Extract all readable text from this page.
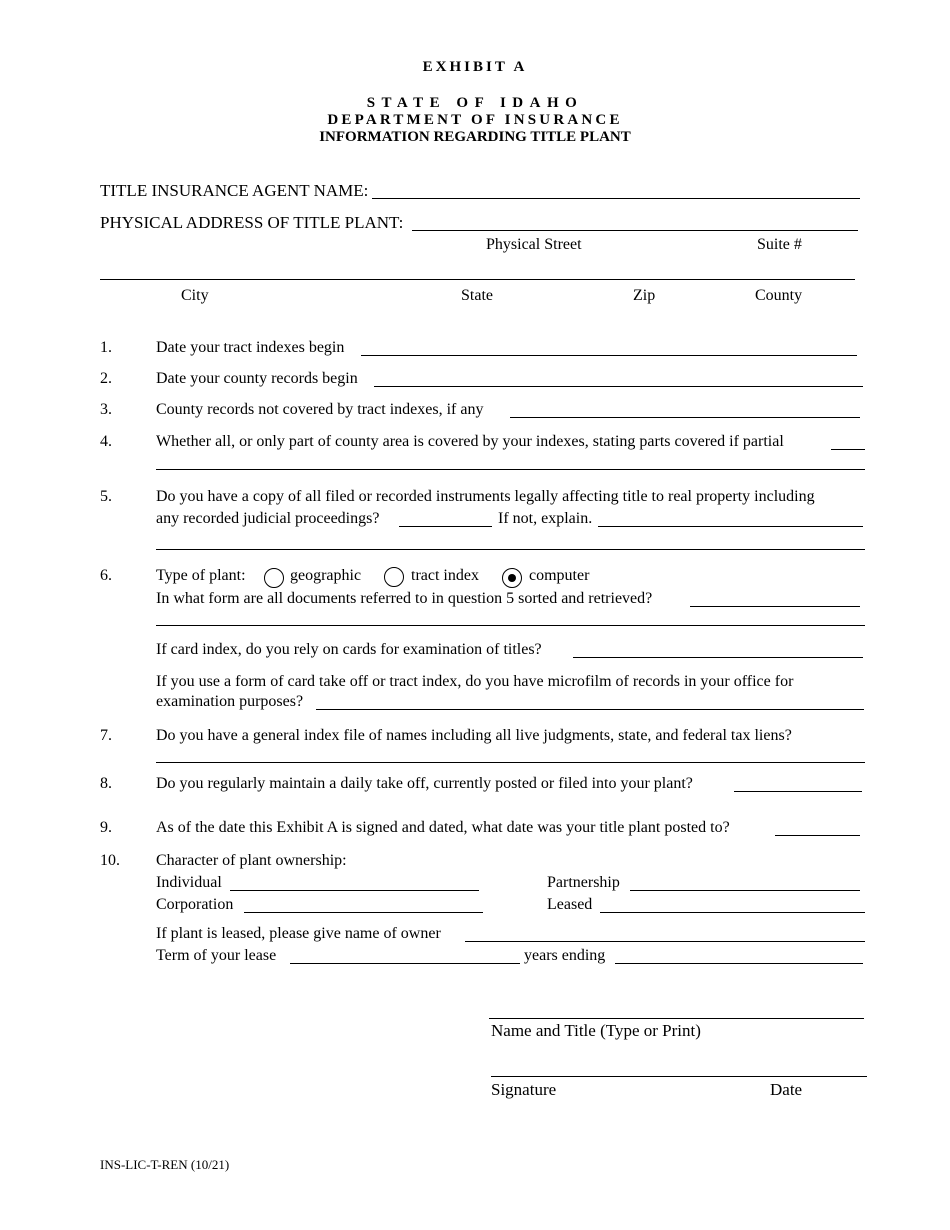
EXHIBIT A
STATE OF IDAHO
DEPARTMENT OF INSURANCE
INFORMATION REGARDING TITLE PLANT
TITLE INSURANCE AGENT NAME:
PHYSICAL ADDRESS OF TITLE PLANT:
Physical Street	Suite #
City	State	Zip	County
1.	Date your tract indexes begin
2.	Date your county records begin
3.	County records not covered by tract indexes, if any
4.	Whether all, or only part of county area is covered by your indexes, stating parts covered if partial
5.	Do you have a copy of all filed or recorded instruments legally affecting title to real property including
any recorded judicial proceedings?	If not, explain.
6.	Type of plant:	geographic	tract index	computer
In what form are all documents referred to in question 5 sorted and retrieved?
If card index, do you rely on cards for examination of titles?
If you use a form of card take off or tract index, do you have microfilm of records in your office for
examination purposes?
7.	Do you have a general index file of names including all live judgments, state, and federal tax liens?
8.	Do you regularly maintain a daily take off, currently posted or filed into your plant?
9.	As of the date this Exhibit A is signed and dated, what date was your title plant posted to?
10. Character of plant ownership:
Individual	Partnership
Corporation	Leased
If plant is leased, please give name of owner
Term of your lease	years ending
Name and Title (Type or Print)
Signature	Date
INS-LIC-T-REN (10/21)
